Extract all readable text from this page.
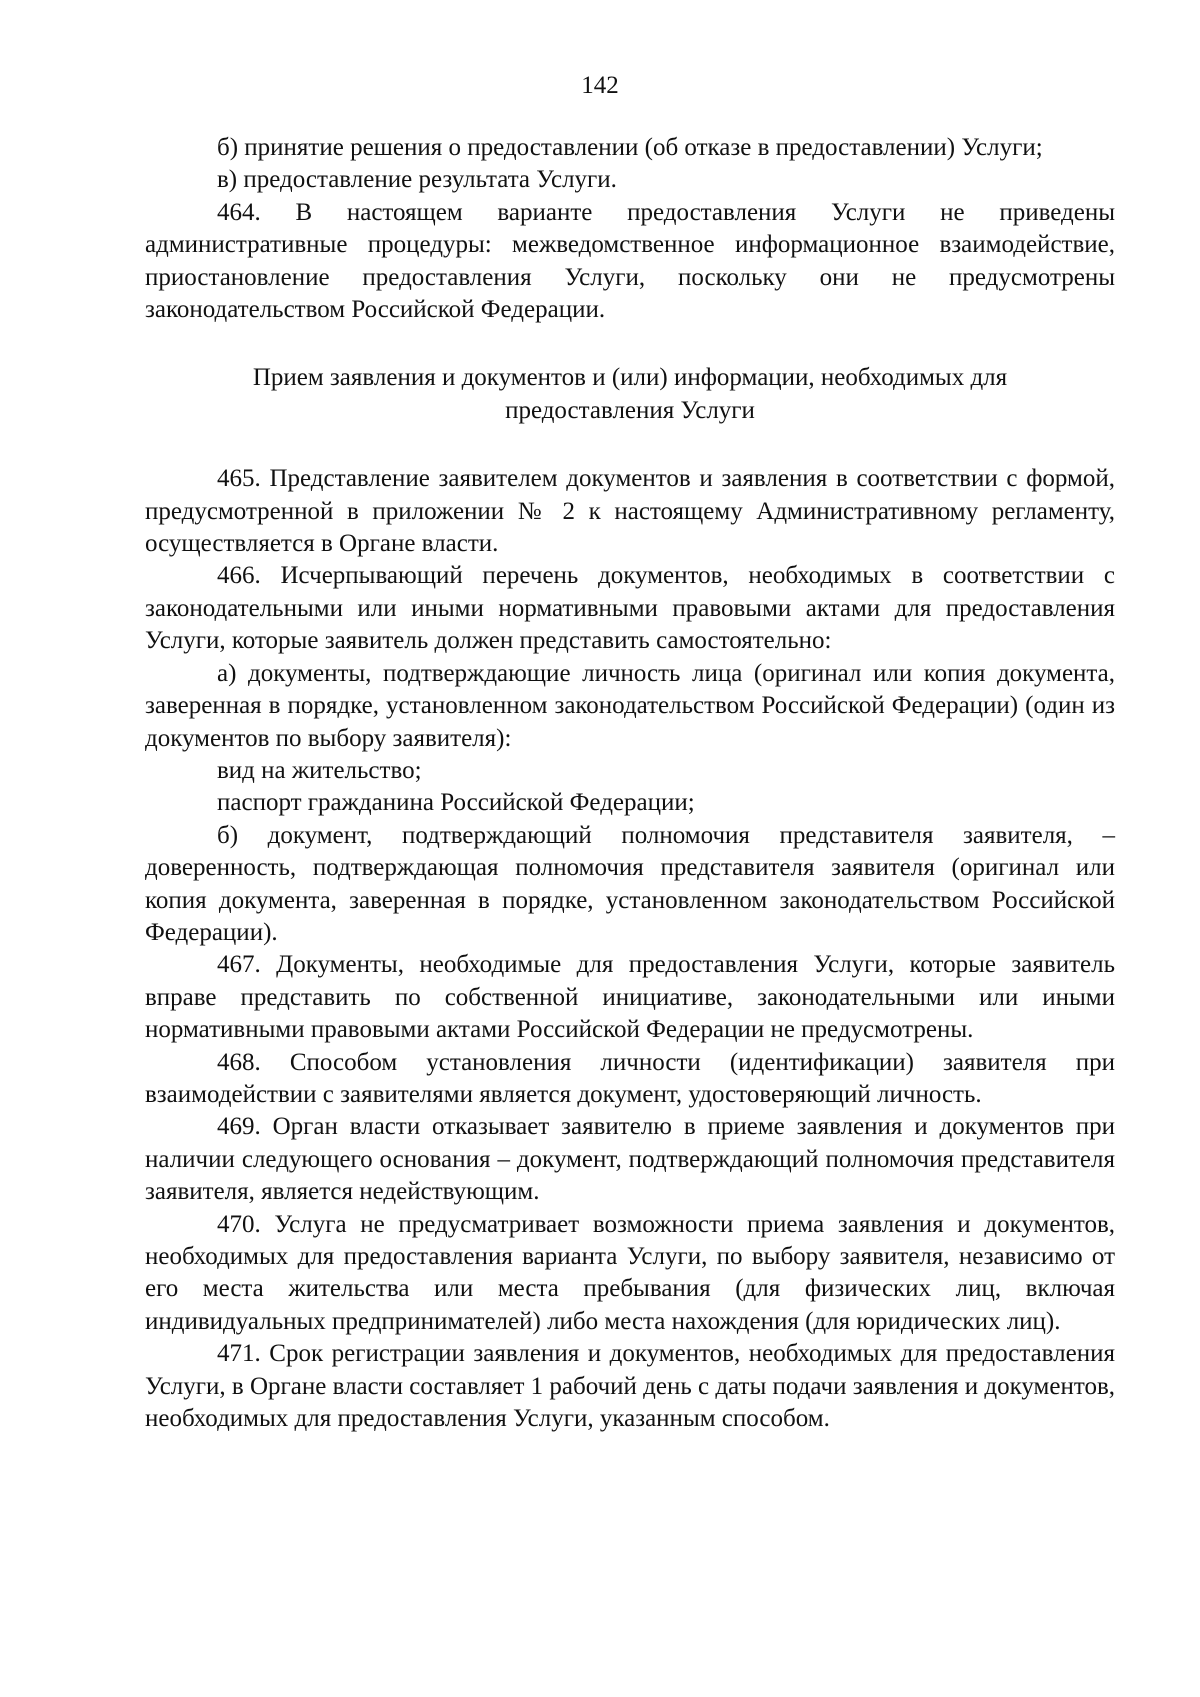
142

б) принятие решения о предоставлении (об отказе в предоставлении) Услуги;

в) предоставление результата Услуги.

464. В настоящем варианте предоставления Услуги не приведены административные процедуры: межведомственное информационное взаимодействие, приостановление предоставления Услуги, поскольку они не предусмотрены законодательством Российской Федерации.

Прием заявления и документов и (или) информации, необходимых для предоставления Услуги

465. Представление заявителем документов и заявления в соответствии с формой, предусмотренной в приложении № 2 к настоящему Административному регламенту, осуществляется в Органе власти.

466. Исчерпывающий перечень документов, необходимых в соответствии с законодательными или иными нормативными правовыми актами для предоставления Услуги, которые заявитель должен представить самостоятельно:

а) документы, подтверждающие личность лица (оригинал или копия документа, заверенная в порядке, установленном законодательством Российской Федерации) (один из документов по выбору заявителя):

вид на жительство;

паспорт гражданина Российской Федерации;

б) документ, подтверждающий полномочия представителя заявителя, – доверенность, подтверждающая полномочия представителя заявителя (оригинал или копия документа, заверенная в порядке, установленном законодательством Российской Федерации).

467. Документы, необходимые для предоставления Услуги, которые заявитель вправе представить по собственной инициативе, законодательными или иными нормативными правовыми актами Российской Федерации не предусмотрены.

468. Способом установления личности (идентификации) заявителя при взаимодействии с заявителями является документ, удостоверяющий личность.

469. Орган власти отказывает заявителю в приеме заявления и документов при наличии следующего основания – документ, подтверждающий полномочия представителя заявителя, является недействующим.

470. Услуга не предусматривает возможности приема заявления и документов, необходимых для предоставления варианта Услуги, по выбору заявителя, независимо от его места жительства или места пребывания (для физических лиц, включая индивидуальных предпринимателей) либо места нахождения (для юридических лиц).

471. Срок регистрации заявления и документов, необходимых для предоставления Услуги, в Органе власти составляет 1 рабочий день с даты подачи заявления и документов, необходимых для предоставления Услуги, указанным способом.
